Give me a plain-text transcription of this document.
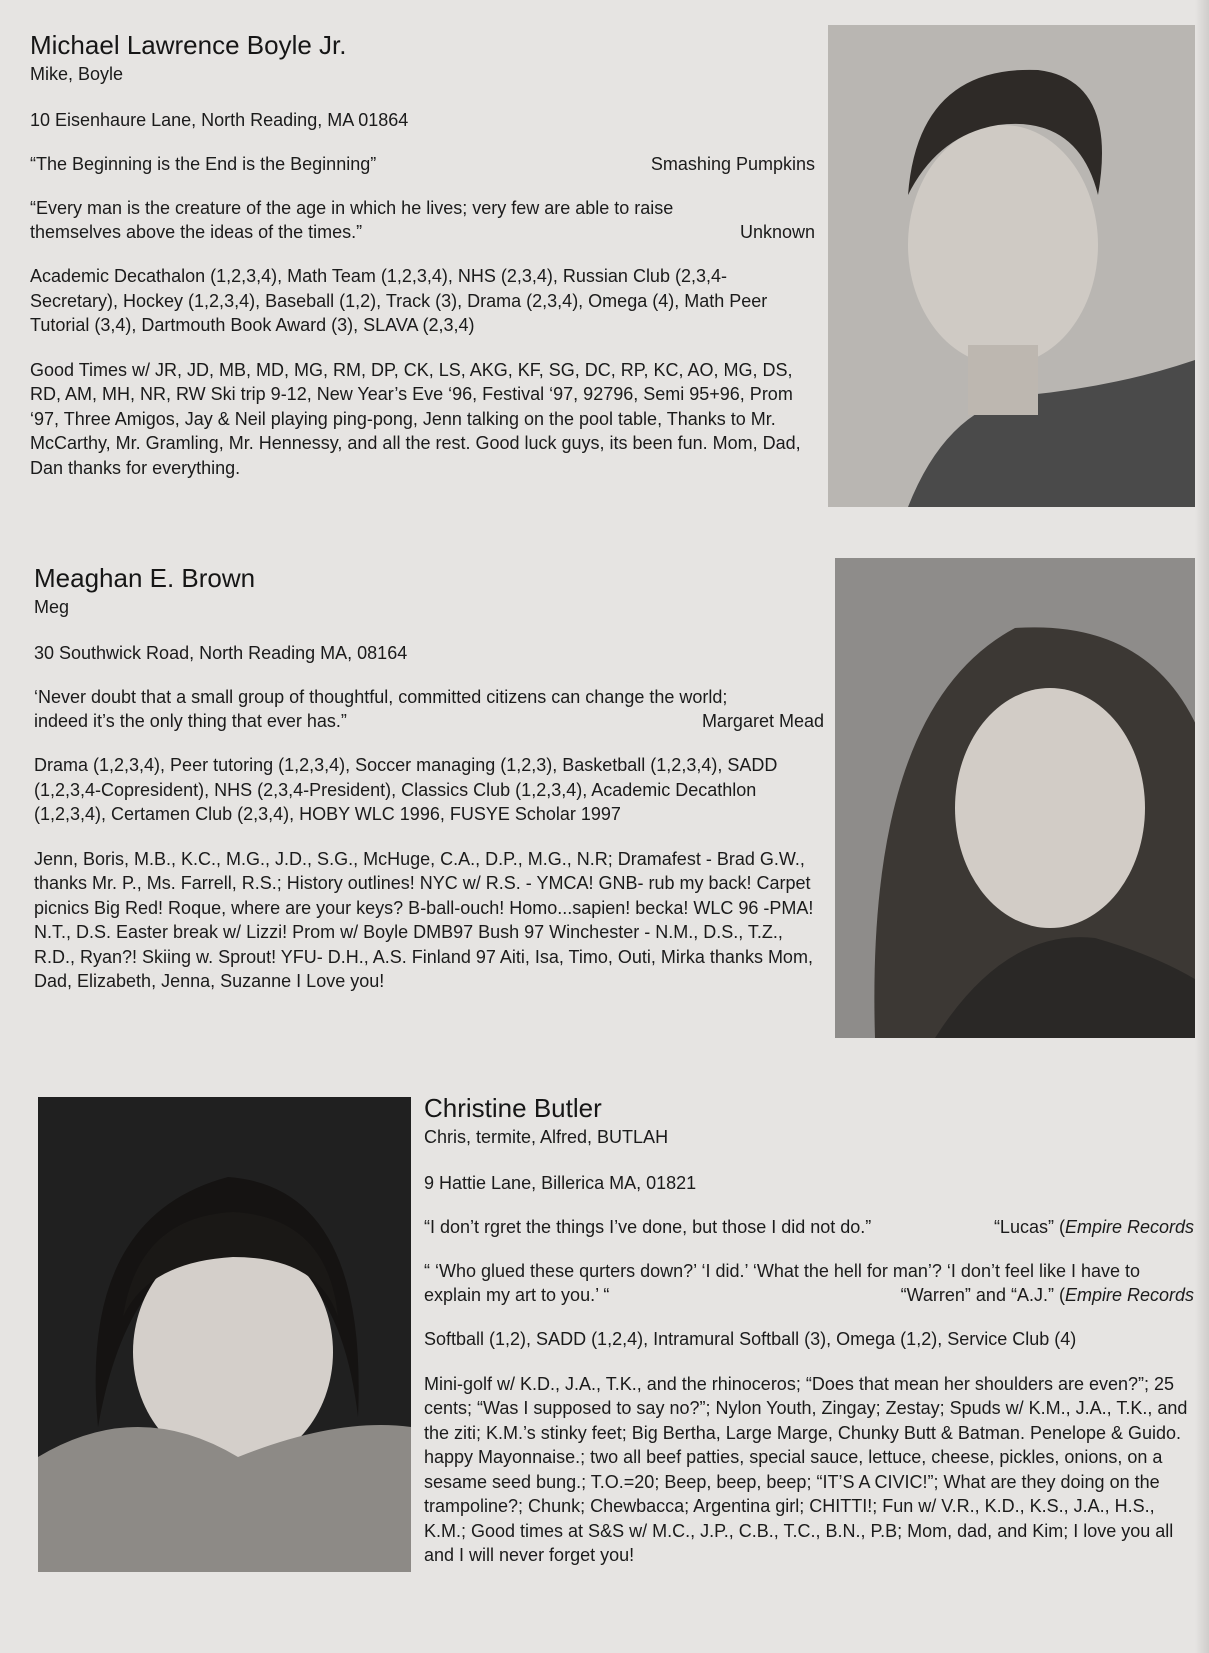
Michael Lawrence Boyle Jr.
Mike, Boyle
10 Eisenhaure Lane, North Reading, MA 01864
“The Beginning is the End is the Beginning”	Smashing Pumpkins
“Every man is the creature of the age in which he lives; very few are able to raise themselves above the ideas of the times.”	Unknown
Academic Decathalon (1,2,3,4), Math Team (1,2,3,4), NHS (2,3,4), Russian Club (2,3,4-Secretary), Hockey (1,2,3,4), Baseball (1,2), Track (3), Drama (2,3,4), Omega (4), Math Peer Tutorial (3,4), Dartmouth Book Award (3), SLAVA (2,3,4)
Good Times w/ JR, JD, MB, MD, MG, RM, DP, CK, LS, AKG, KF, SG, DC, RP, KC, AO, MG, DS, RD, AM, MH, NR, RW Ski trip 9-12, New Year’s Eve ‘96, Festival ‘97, 92796, Semi 95+96, Prom ‘97, Three Amigos, Jay & Neil playing ping-pong, Jenn talking on the pool table, Thanks to Mr. McCarthy, Mr. Gramling, Mr. Hennessy, and all the rest. Good luck guys, its been fun. Mom, Dad, Dan thanks for everything.
Meaghan E. Brown
Meg
30 Southwick Road, North Reading MA, 08164
‘Never doubt that a small group of thoughtful, committed citizens can change the world; indeed it’s the only thing that ever has.”	Margaret Mead
Drama (1,2,3,4), Peer tutoring (1,2,3,4), Soccer managing (1,2,3), Basketball (1,2,3,4), SADD (1,2,3,4-Copresident), NHS (2,3,4-President), Classics Club (1,2,3,4), Academic Decathlon (1,2,3,4), Certamen Club (2,3,4), HOBY WLC 1996, FUSYE Scholar 1997
Jenn, Boris, M.B., K.C., M.G., J.D., S.G., McHuge, C.A., D.P., M.G., N.R; Dramafest - Brad G.W., thanks Mr. P., Ms. Farrell, R.S.; History outlines! NYC w/ R.S. - YMCA! GNB- rub my back! Carpet picnics Big Red! Roque, where are your keys? B-ball-ouch! Homo...sapien! becka! WLC 96 -PMA! N.T., D.S. Easter break w/ Lizzi! Prom w/ Boyle DMB97 Bush 97 Winchester - N.M., D.S., T.Z., R.D., Ryan?! Skiing w. Sprout! YFU- D.H., A.S. Finland 97 Aiti, Isa, Timo, Outi, Mirka thanks Mom, Dad, Elizabeth, Jenna, Suzanne I Love you!
Christine Butler
Chris, termite, Alfred, BUTLAH
9 Hattie Lane, Billerica MA, 01821
“I don’t rgret the things I’ve done, but those I did not do.”	“Lucas” (Empire Records
“ ‘Who glued these qurters down?’ ‘I did.’ ‘What the hell for man’? ‘I don’t feel like I have to explain my art to you.’ “	“Warren” and “A.J.” (Empire Records
Softball (1,2), SADD (1,2,4), Intramural Softball (3), Omega (1,2), Service Club (4)
Mini-golf w/ K.D., J.A., T.K., and the rhinoceros; “Does that mean her shoulders are even?”; 25 cents; “Was I supposed to say no?”; Nylon Youth, Zingay; Zestay; Spuds w/ K.M., J.A., T.K., and the ziti; K.M.’s stinky feet; Big Bertha, Large Marge, Chunky Butt & Batman. Penelope & Guido. happy Mayonnaise.; two all beef patties, special sauce, lettuce, cheese, pickles, onions, on a sesame seed bung.; T.O.=20; Beep, beep, beep; “IT’S A CIVIC!”; What are they doing on the trampoline?; Chunk; Chewbacca; Argentina girl; CHITTI!; Fun w/ V.R., K.D., K.S., J.A., H.S., K.M.; Good times at S&S w/ M.C., J.P., C.B., T.C., B.N., P.B; Mom, dad, and Kim; I love you all and I will never forget you!
